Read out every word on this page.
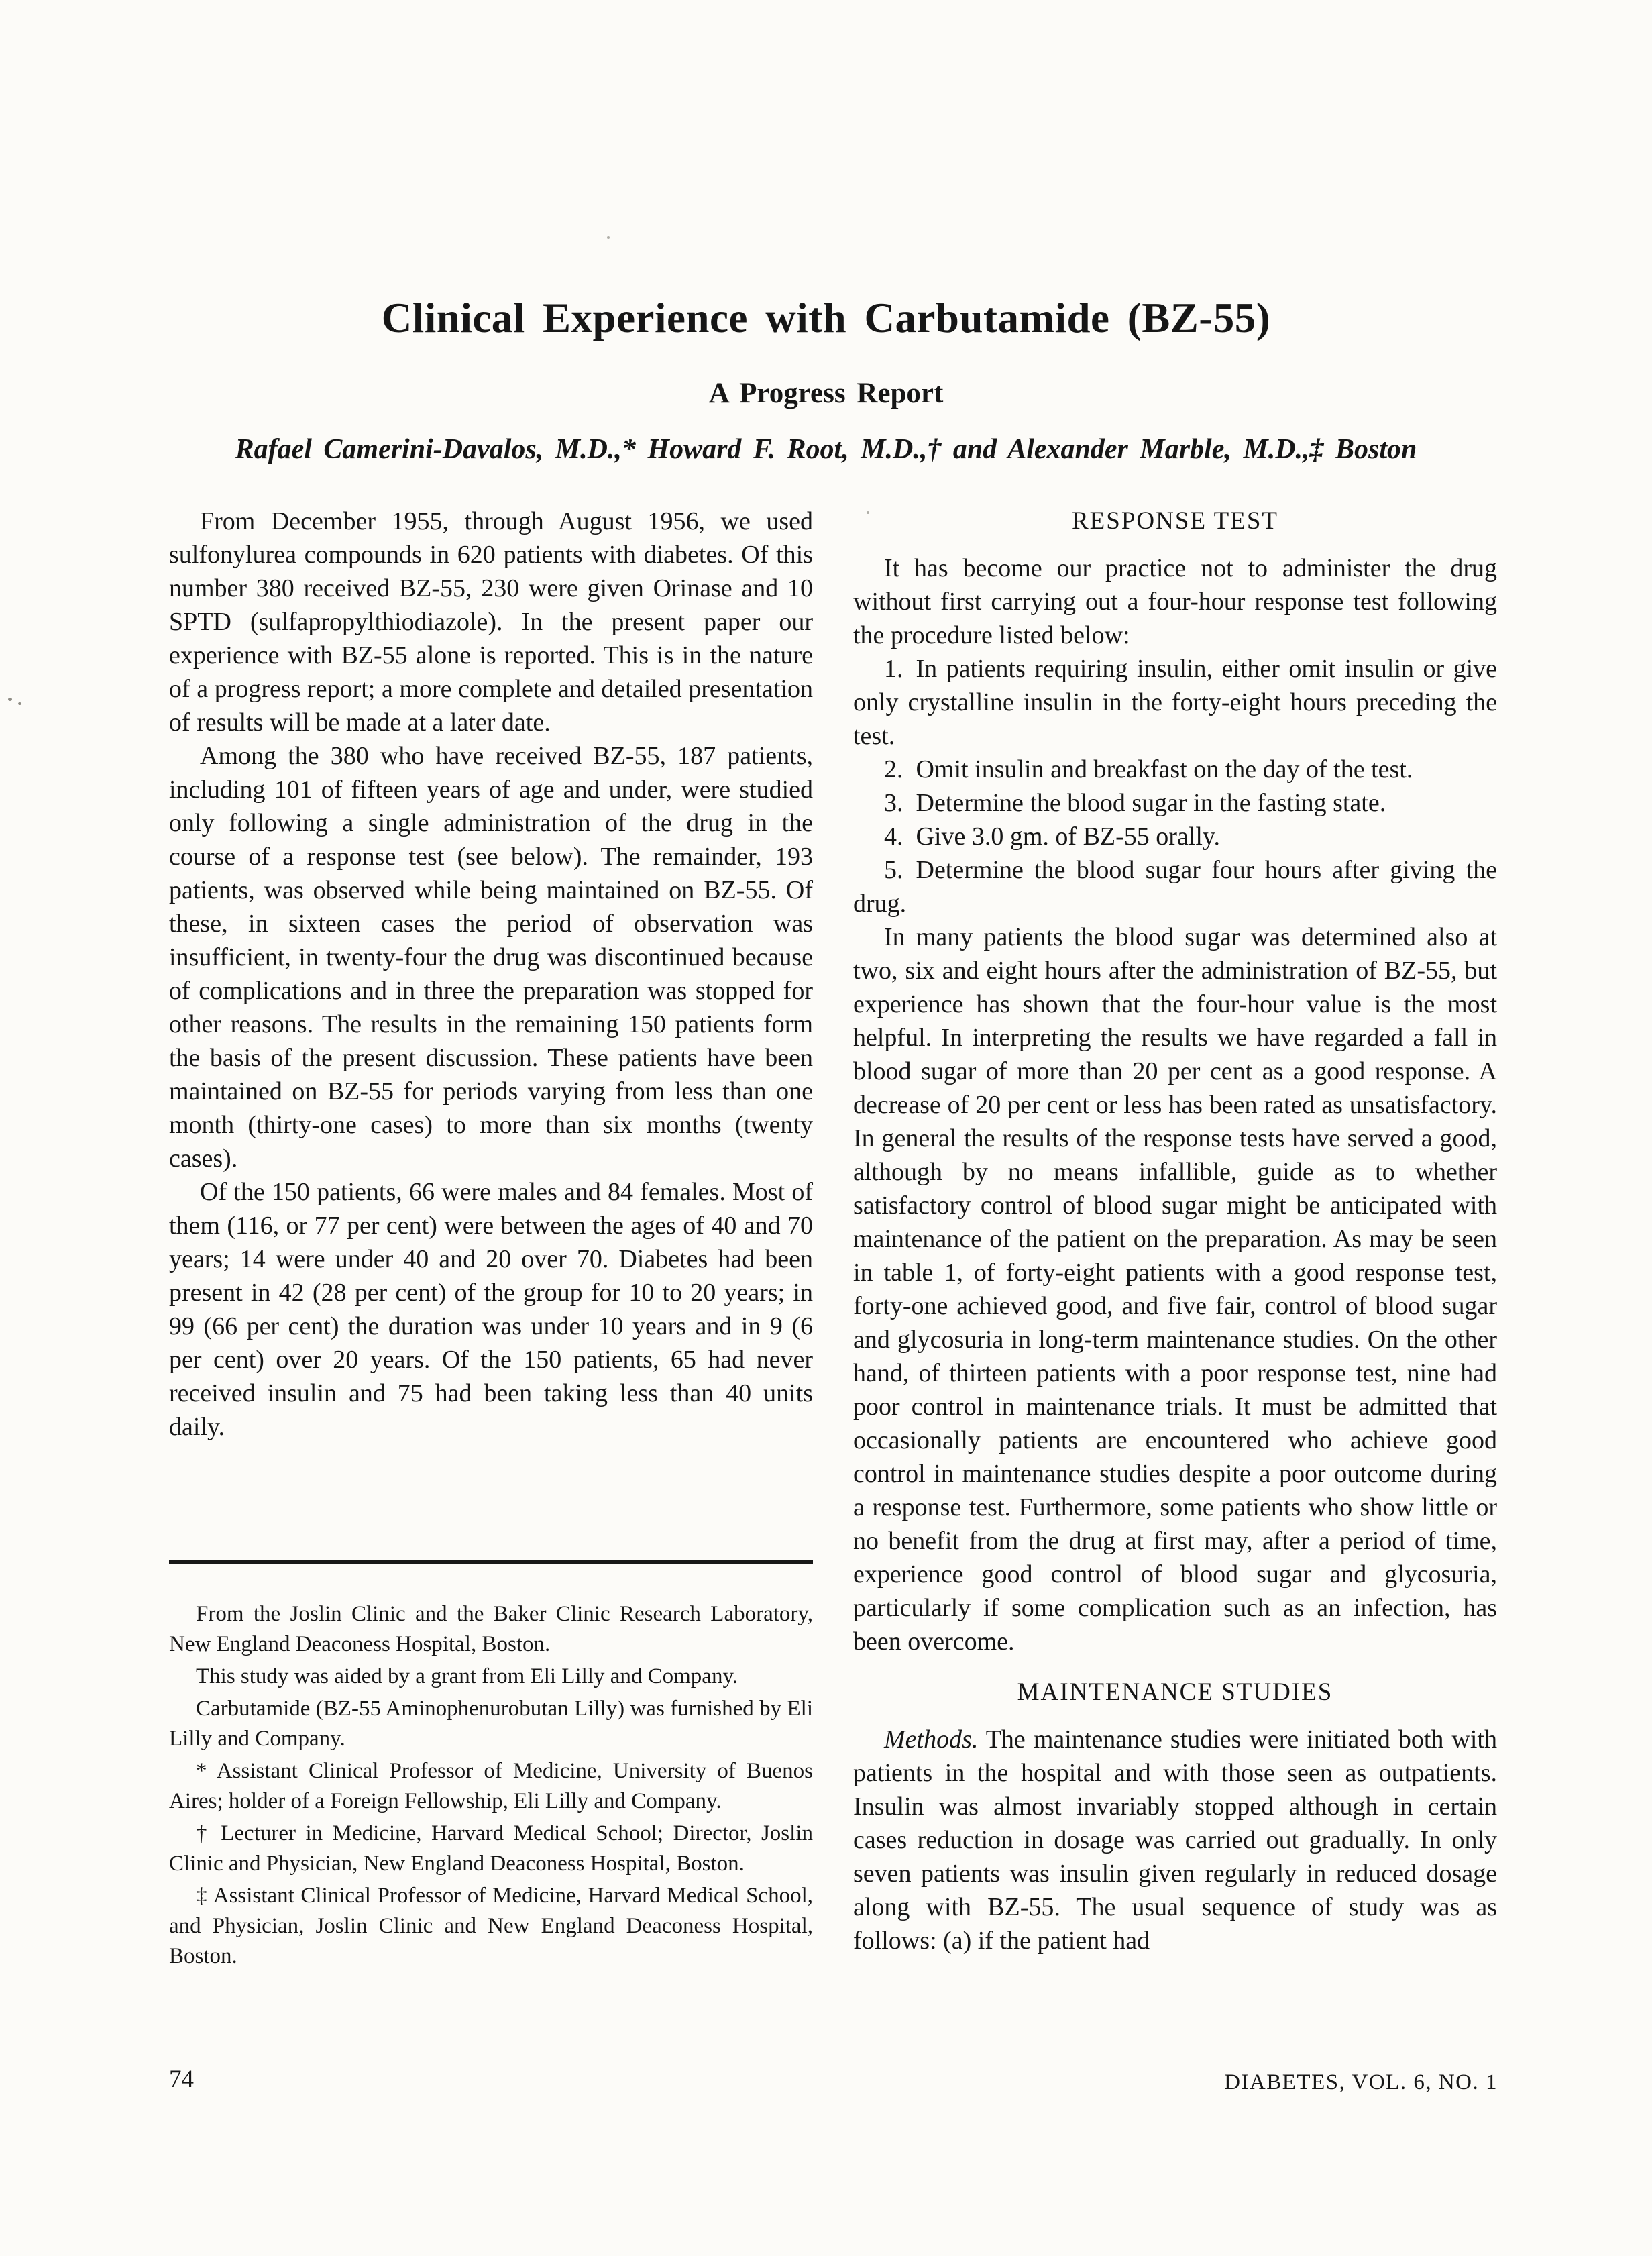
Clinical Experience with Carbutamide (BZ-55)
A Progress Report
Rafael Camerini-Davalos, M.D.,* Howard F. Root, M.D.,† and Alexander Marble, M.D.,‡ Boston

From December 1955, through August 1956, we used sulfonylurea compounds in 620 patients with diabetes. Of this number 380 received BZ-55, 230 were given Orinase and 10 SPTD (sulfapropylthiodiazole). In the present paper our experience with BZ-55 alone is reported. This is in the nature of a progress report; a more complete and detailed presentation of results will be made at a later date.

Among the 380 who have received BZ-55, 187 patients, including 101 of fifteen years of age and under, were studied only following a single administration of the drug in the course of a response test (see below). The remainder, 193 patients, was observed while being maintained on BZ-55. Of these, in sixteen cases the period of observation was insufficient, in twenty-four the drug was discontinued because of complications and in three the preparation was stopped for other reasons. The results in the remaining 150 patients form the basis of the present discussion. These patients have been maintained on BZ-55 for periods varying from less than one month (thirty-one cases) to more than six months (twenty cases).

Of the 150 patients, 66 were males and 84 females. Most of them (116, or 77 per cent) were between the ages of 40 and 70 years; 14 were under 40 and 20 over 70. Diabetes had been present in 42 (28 per cent) of the group for 10 to 20 years; in 99 (66 per cent) the duration was under 10 years and in 9 (6 per cent) over 20 years. Of the 150 patients, 65 had never received insulin and 75 had been taking less than 40 units daily.

From the Joslin Clinic and the Baker Clinic Research Laboratory, New England Deaconess Hospital, Boston.

This study was aided by a grant from Eli Lilly and Company.

Carbutamide (BZ-55 Aminophenurobutan Lilly) was furnished by Eli Lilly and Company.

* Assistant Clinical Professor of Medicine, University of Buenos Aires; holder of a Foreign Fellowship, Eli Lilly and Company.

† Lecturer in Medicine, Harvard Medical School; Director, Joslin Clinic and Physician, New England Deaconess Hospital, Boston.

‡ Assistant Clinical Professor of Medicine, Harvard Medical School, and Physician, Joslin Clinic and New England Deaconess Hospital, Boston.

RESPONSE TEST

It has become our practice not to administer the drug without first carrying out a four-hour response test following the procedure listed below:

1. In patients requiring insulin, either omit insulin or give only crystalline insulin in the forty-eight hours preceding the test.

2. Omit insulin and breakfast on the day of the test.

3. Determine the blood sugar in the fasting state.

4. Give 3.0 gm. of BZ-55 orally.

5. Determine the blood sugar four hours after giving the drug.

In many patients the blood sugar was determined also at two, six and eight hours after the administration of BZ-55, but experience has shown that the four-hour value is the most helpful. In interpreting the results we have regarded a fall in blood sugar of more than 20 per cent as a good response. A decrease of 20 per cent or less has been rated as unsatisfactory. In general the results of the response tests have served a good, although by no means infallible, guide as to whether satisfactory control of blood sugar might be anticipated with maintenance of the patient on the preparation. As may be seen in table 1, of forty-eight patients with a good response test, forty-one achieved good, and five fair, control of blood sugar and glycosuria in long-term maintenance studies. On the other hand, of thirteen patients with a poor response test, nine had poor control in maintenance trials. It must be admitted that occasionally patients are encountered who achieve good control in maintenance studies despite a poor outcome during a response test. Furthermore, some patients who show little or no benefit from the drug at first may, after a period of time, experience good control of blood sugar and glycosuria, particularly if some complication such as an infection, has been overcome.

MAINTENANCE STUDIES

Methods. The maintenance studies were initiated both with patients in the hospital and with those seen as outpatients. Insulin was almost invariably stopped although in certain cases reduction in dosage was carried out gradually. In only seven patients was insulin given regularly in reduced dosage along with BZ-55. The usual sequence of study was as follows: (a) if the patient had

74	DIABETES, VOL. 6, NO. 1
